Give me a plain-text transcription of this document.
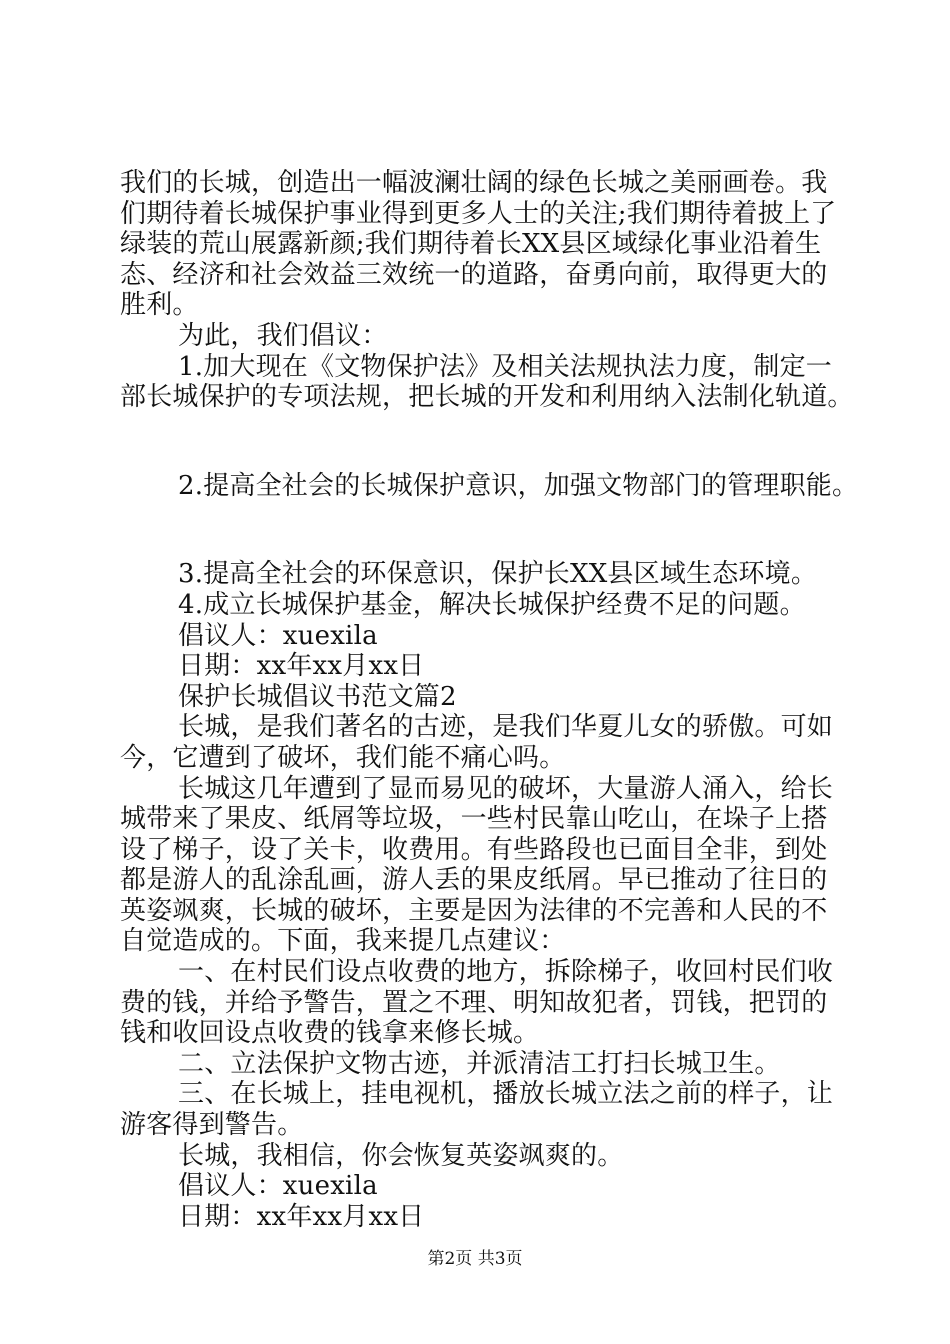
我们的长城，创造出一幅波澜壮阔的绿色长城之美丽画卷。我
们期待着长城保护事业得到更多人士的关注;我们期待着披上了
绿装的荒山展露新颜;我们期待着长XX县区域绿化事业沿着生
态、经济和社会效益三效统一的道路，奋勇向前，取得更大的
胜利。
为此，我们倡议：
1.加大现在《文物保护法》及相关法规执法力度，制定一
部长城保护的专项法规，把长城的开发和利用纳入法制化轨道。
2.提高全社会的长城保护意识，加强文物部门的管理职能。
3.提高全社会的环保意识，保护长XX县区域生态环境。
4.成立长城保护基金，解决长城保护经费不足的问题。
倡议人：xuexila
日期：xx年xx月xx日
保护长城倡议书范文篇2
长城，是我们著名的古迹，是我们华夏儿女的骄傲。可如
今，它遭到了破坏，我们能不痛心吗。
长城这几年遭到了显而易见的破坏，大量游人涌入，给长
城带来了果皮、纸屑等垃圾，一些村民靠山吃山，在垛子上搭
设了梯子，设了关卡，收费用。有些路段也已面目全非，到处
都是游人的乱涂乱画，游人丢的果皮纸屑。早已推动了往日的
英姿飒爽，长城的破坏，主要是因为法律的不完善和人民的不
自觉造成的。下面，我来提几点建议：
一、在村民们设点收费的地方，拆除梯子，收回村民们收
费的钱，并给予警告，置之不理、明知故犯者，罚钱，把罚的
钱和收回设点收费的钱拿来修长城。
二、立法保护文物古迹，并派清洁工打扫长城卫生。
三、在长城上，挂电视机，播放长城立法之前的样子，让
游客得到警告。
长城，我相信，你会恢复英姿飒爽的。
倡议人：xuexila
日期：xx年xx月xx日
第2页 共3页
